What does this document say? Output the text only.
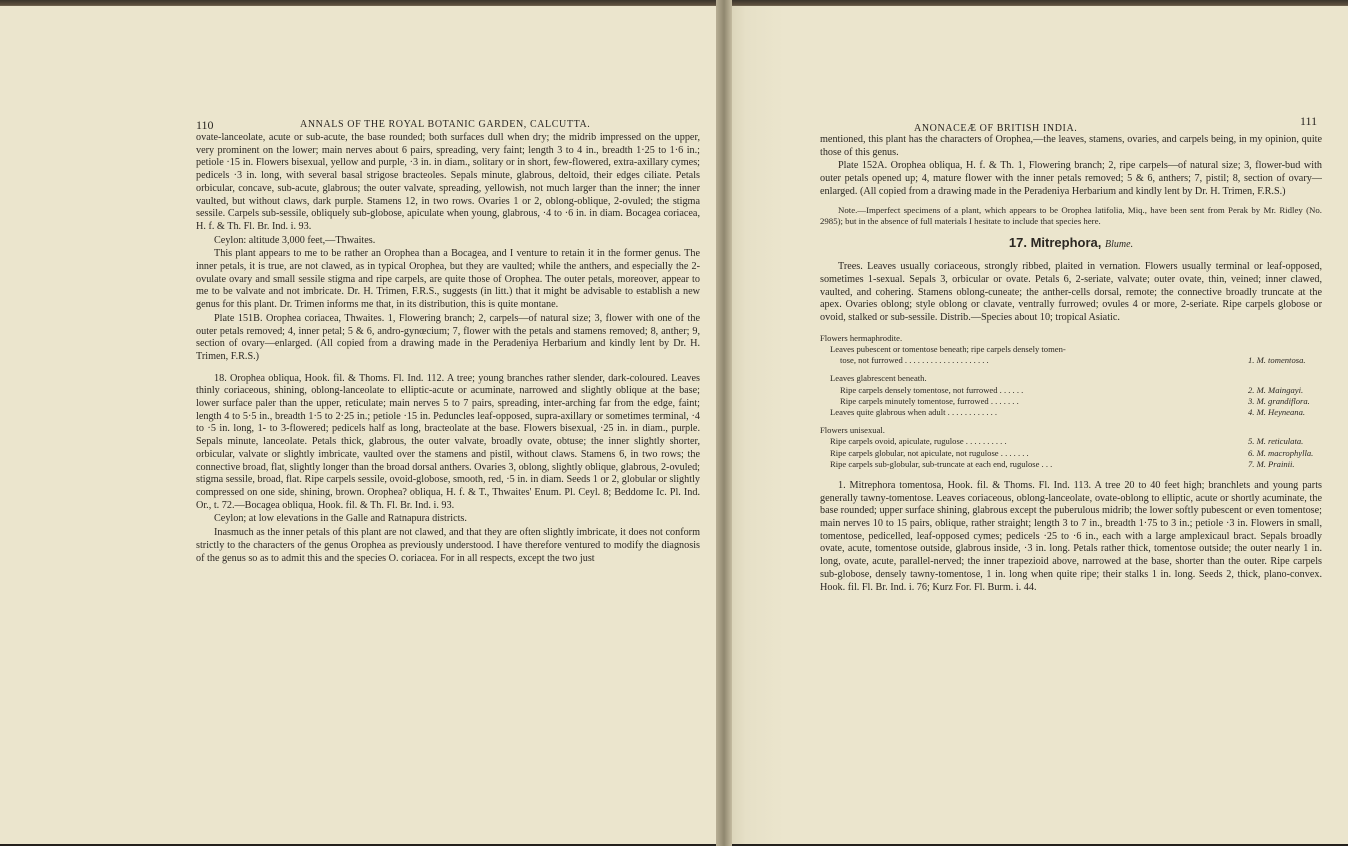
110	ANNALS OF THE ROYAL BOTANIC GARDEN, CALCUTTA.

ovate-lanceolate, acute or sub-acute, the base rounded; both surfaces dull when dry; the midrib impressed on the upper, very prominent on the lower; main nerves about 6 pairs, spreading, very faint; length 3 to 4 in., breadth 1·25 to 1·6 in.; petiole ·15 in. Flowers bisexual, yellow and purple, ·3 in. in diam., solitary or in short, few-flowered, extra-axillary cymes; pedicels ·3 in. long, with several basal strigose bracteoles. Sepals minute, glabrous, deltoid, their edges ciliate. Petals orbicular, concave, sub-acute, glabrous; the outer valvate, spreading, yellowish, not much larger than the inner; the inner vaulted, but without claws, dark purple. Stamens 12, in two rows. Ovaries 1 or 2, oblong-oblique, 2-ovuled; the stigma sessile. Carpels sub-sessile, obliquely sub-globose, apiculate when young, glabrous, ·4 to ·6 in. in diam. Bocagea coriacea, H. f. & Th. Fl. Br. Ind. i. 93.

Ceylon: altitude 3,000 feet,—Thwaites.

This plant appears to me to be rather an Orophea than a Bocagea, and I venture to retain it in the former genus. The inner petals, it is true, are not clawed, as in typical Orophea, but they are vaulted; while the anthers, and especially the 2-ovulate ovary and small sessile stigma and ripe carpels, are quite those of Orophea. The outer petals, moreover, appear to me to be valvate and not imbricate. Dr. H. Trimen, F.R.S., suggests (in litt.) that it might be advisable to establish a new genus for this plant. Dr. Trimen informs me that, in its distribution, this is quite montane.

Plate 151B. Orophea coriacea, Thwaites. 1, Flowering branch; 2, carpels—of natural size; 3, flower with one of the outer petals removed; 4, inner petal; 5 & 6, andro-gynœcium; 7, flower with the petals and stamens removed; 8, anther; 9, section of ovary—enlarged. (All copied from a drawing made in the Peradeniya Herbarium and kindly lent by Dr. H. Trimen, F.R.S.)

18. Orophea obliqua, Hook. fil. & Thoms. Fl. Ind. 112. A tree; young branches rather slender, dark-coloured. Leaves thinly coriaceous, shining, oblong-lanceolate to elliptic-acute or acuminate, narrowed and slightly oblique at the base; lower surface paler than the upper, reticulate; main nerves 5 to 7 pairs, spreading, inter-arching far from the edge, faint; length 4 to 5·5 in., breadth 1·5 to 2·25 in.; petiole ·15 in. Peduncles leaf-opposed, supra-axillary or sometimes terminal, ·4 to ·5 in. long, 1- to 3-flowered; pedicels half as long, bracteolate at the base. Flowers bisexual, ·25 in. in diam., purple. Sepals minute, lanceolate. Petals thick, glabrous, the outer valvate, broadly ovate, obtuse; the inner slightly shorter, orbicular, valvate or slightly imbricate, vaulted over the stamens and pistil, without claws. Stamens 6, in two rows; the connective broad, flat, slightly longer than the broad dorsal anthers. Ovaries 3, oblong, slightly oblique, glabrous, 2-ovuled; stigma sessile, broad, flat. Ripe carpels sessile, ovoid-globose, smooth, red, ·5 in. in diam. Seeds 1 or 2, globular or slightly compressed on one side, shining, brown. Orophea? obliqua, H. f. & T., Thwaites' Enum. Pl. Ceyl. 8; Beddome Ic. Pl. Ind. Or., t. 72.—Bocagea obliqua, Hook. fil. & Th. Fl. Br. Ind. i. 93.

Ceylon; at low elevations in the Galle and Ratnapura districts.

Inasmuch as the inner petals of this plant are not clawed, and that they are often slightly imbricate, it does not conform strictly to the characters of the genus Orophea as previously understood. I have therefore ventured to modify the diagnosis of the genus so as to admit this and the species O. coriacea. For in all respects, except the two just

ANONACEÆ OF BRITISH INDIA.
111

mentioned, this plant has the characters of Orophea,—the leaves, stamens, ovaries, and carpels being, in my opinion, quite those of this genus.

Plate 152A. Orophea obliqua, H. f. & Th. 1, Flowering branch; 2, ripe carpels—of natural size; 3, flower-bud with outer petals opened up; 4, mature flower with the inner petals removed; 5 & 6, anthers; 7, pistil; 8, section of ovary—enlarged. (All copied from a drawing made in the Peradeniya Herbarium and kindly lent by Dr. H. Trimen, F.R.S.)

Note.—Imperfect specimens of a plant, which appears to be Orophea latifolia, Miq., have been sent from Perak by Mr. Ridley (No. 2985); but in the absence of full materials I hesitate to include that species here.

17. Mitrephora, Blume.

Trees. Leaves usually coriaceous, strongly ribbed, plaited in vernation. Flowers usually terminal or leaf-opposed, sometimes 1-sexual. Sepals 3, orbicular or ovate. Petals 6, 2-seriate, valvate; outer ovate, thin, veined; inner clawed, vaulted, and cohering. Stamens oblong-cuneate; the anther-cells dorsal, remote; the connective broadly truncate at the apex. Ovaries oblong; style oblong or clavate, ventrally furrowed; ovules 4 or more, 2-seriate. Ripe carpels globose or ovoid, stalked or sub-sessile. Distrib.—Species about 10; tropical Asiatic.

Flowers hermaphrodite.
Leaves pubescent or tomentose beneath; ripe carpels densely tomen-
tose, not furrowed . . . . . . . . . . . . . . . . . . . .	1. M. tomentosa.
Leaves glabrescent beneath.
Ripe carpels densely tomentose, not furrowed . . . . . .	2. M. Maingayi.
Ripe carpels minutely tomentose, furrowed . . . . . . .	3. M. grandiflora.
Leaves quite glabrous when adult . . . . . . . . . . . .	4. M. Heyneana.
Flowers unisexual.
Ripe carpels ovoid, apiculate, rugulose . . . . . . . . . .	5. M. reticulata.
Ripe carpels globular, not apiculate, not rugulose . . . . . . .	6. M. macrophylla.
Ripe carpels sub-globular, sub-truncate at each end, rugulose . . .	7. M. Prainii.

1. Mitrephora tomentosa, Hook. fil. & Thoms. Fl. Ind. 113. A tree 20 to 40 feet high; branchlets and young parts generally tawny-tomentose. Leaves coriaceous, oblong-lanceolate, ovate-oblong to elliptic, acute or shortly acuminate, the base rounded; upper surface shining, glabrous except the puberulous midrib; the lower softly pubescent or even tomentose; main nerves 10 to 15 pairs, oblique, rather straight; length 3 to 7 in., breadth 1·75 to 3 in.; petiole ·3 in. Flowers in small, tomentose, pedicelled, leaf-opposed cymes; pedicels ·25 to ·6 in., each with a large amplexicaul bract. Sepals broadly ovate, acute, tomentose outside, glabrous inside, ·3 in. long. Petals rather thick, tomentose outside; the outer nearly 1 in. long, ovate, acute, parallel-nerved; the inner trapezioid above, narrowed at the base, shorter than the outer. Ripe carpels sub-globose, densely tawny-tomentose, 1 in. long when quite ripe; their stalks 1 in. long. Seeds 2, thick, plano-convex. Hook. fil. Fl. Br. Ind. i. 76; Kurz For. Fl. Burm. i. 44.
